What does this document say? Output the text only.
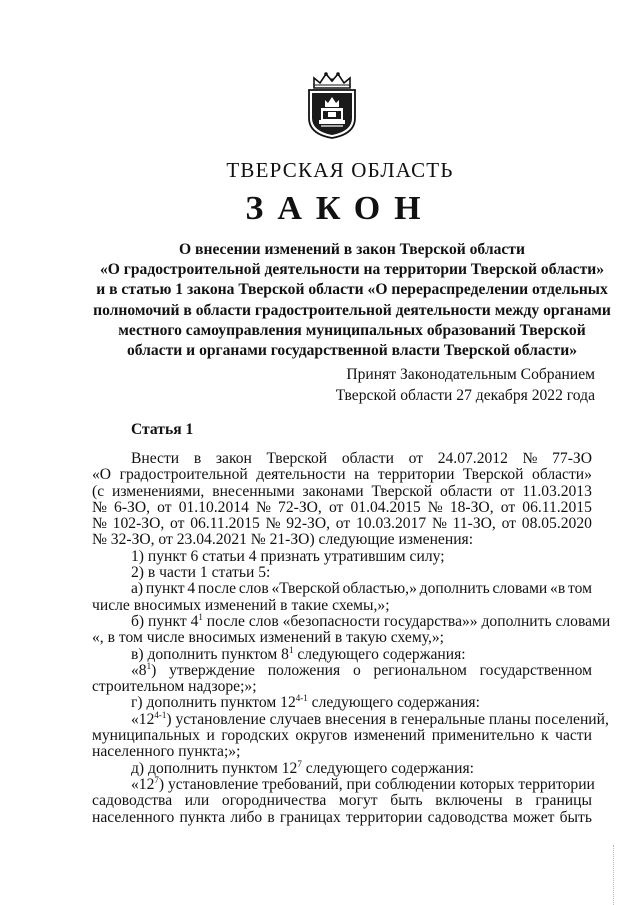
ТВЕРСКАЯ ОБЛАСТЬ
ЗАКОН
О внесении изменений в закон Тверской области
«О градостроительной деятельности на территории Тверской области»
и в статью 1 закона Тверской области «О перераспределении отдельных
полномочий в области градостроительной деятельности между органами
местного самоуправления муниципальных образований Тверской
области и органами государственной власти Тверской области»
Принят Законодательным Собранием
Тверской области 27 декабря 2022 года
Статья 1
Внести в закон Тверской области от 24.07.2012 № 77-ЗО
«О градостроительной деятельности на территории Тверской области»
(с изменениями, внесенными законами Тверской области от 11.03.2013
№ 6-ЗО, от 01.10.2014 № 72-ЗО, от 01.04.2015 № 18-ЗО, от 06.11.2015
№ 102-ЗО, от 06.11.2015 № 92-ЗО, от 10.03.2017 № 11-ЗО, от 08.05.2020
№ 32-ЗО, от 23.04.2021 № 21-ЗО) следующие изменения:
1) пункт 6 статьи 4 признать утратившим силу;
2) в части 1 статьи 5:
а) пункт 4 после слов «Тверской областью,» дополнить словами «в том
числе вносимых изменений в такие схемы,»;
б) пункт $4^1$ после слов «безопасности государства»» дополнить словами
«, в том числе вносимых изменений в такую схему,»;
в) дополнить пунктом $8^1$ следующего содержания:
«$8^1$) утверждение положения о региональном государственном
строительном надзоре;»;
г) дополнить пунктом 12$^{4-1}$ следующего содержания:
«12$^{4-1}$) установление случаев внесения в генеральные планы поселений,
муниципальных и городских округов изменений применительно к части
населенного пункта;»;
д) дополнить пунктом $12^7$ следующего содержания:
«$12^7$) установление требований, при соблюдении которых территории
садоводства или огородничества могут быть включены в границы
населенного пункта либо в границах территории садоводства может быть
